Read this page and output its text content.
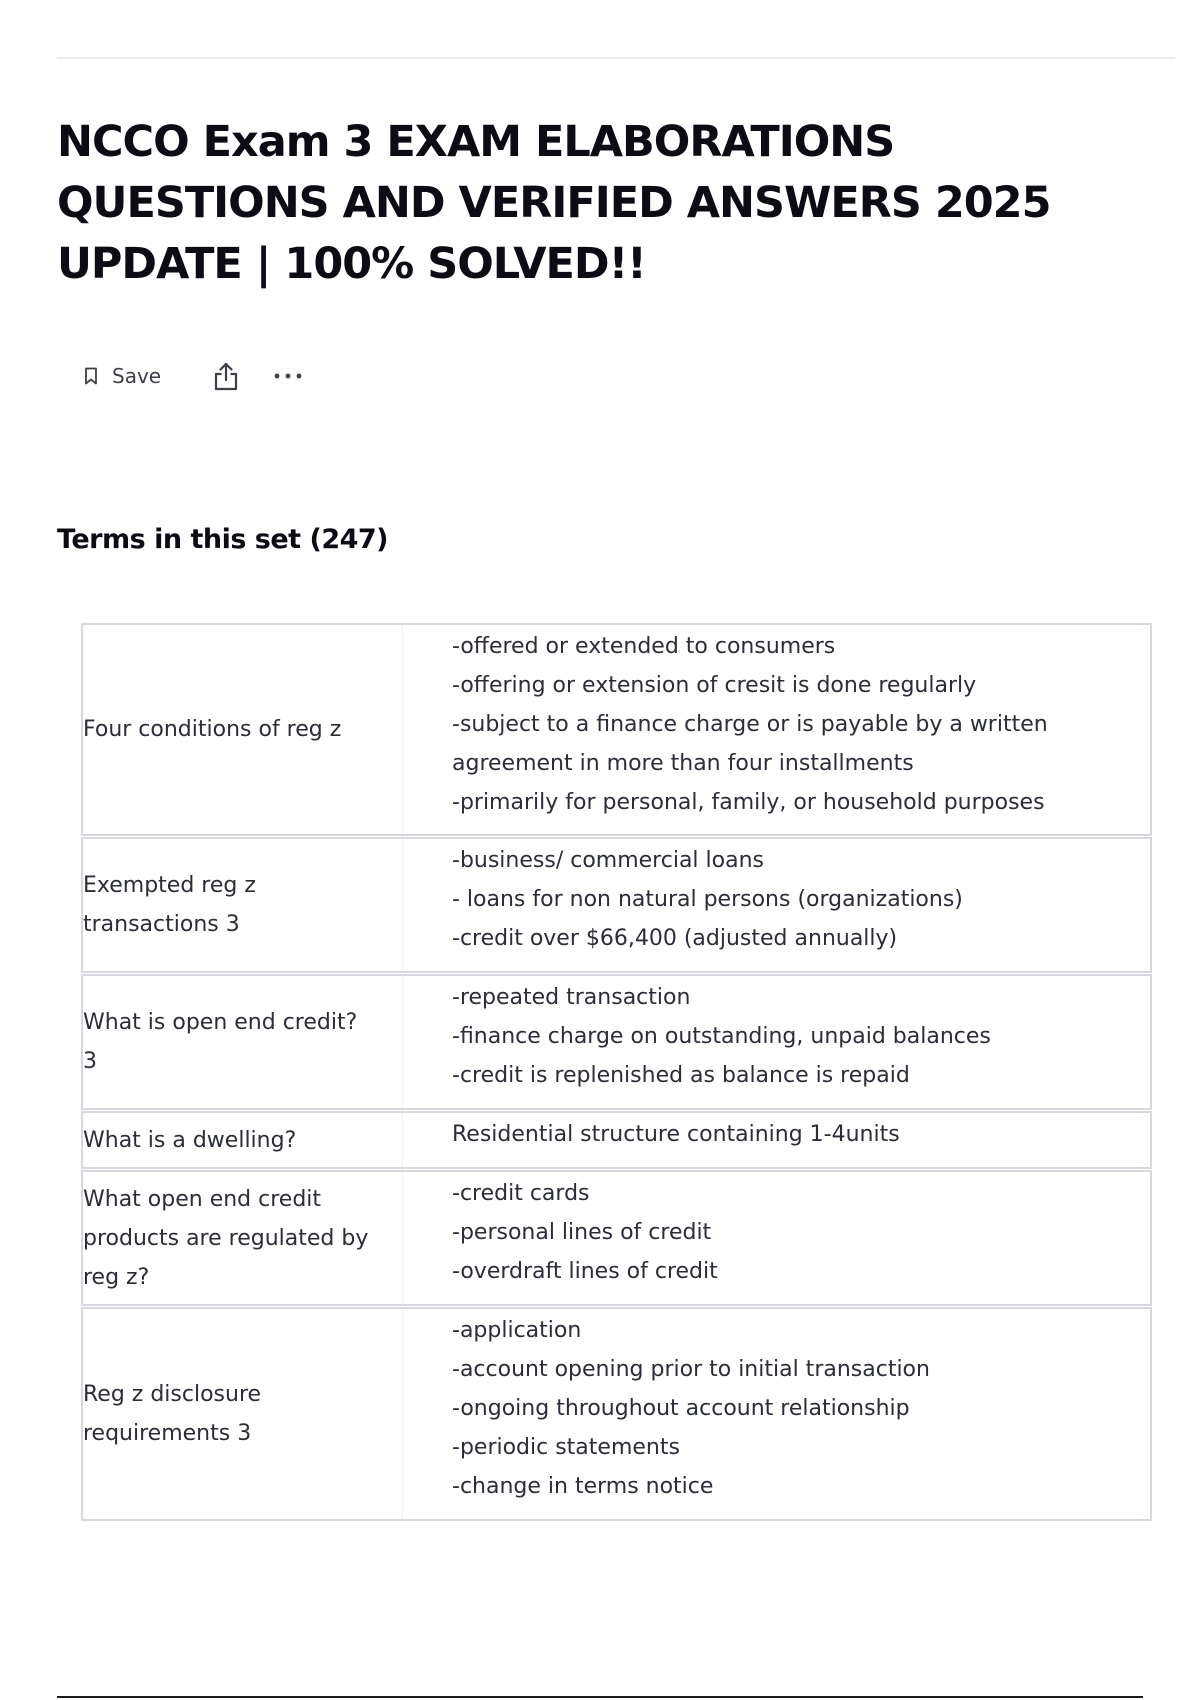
NCCO Exam 3 EXAM ELABORATIONS QUESTIONS AND VERIFIED ANSWERS 2025 UPDATE | 100% SOLVED!!
Save
Terms in this set (247)
Four conditions of reg z
-offered or extended to consumers
-offering or extension of cresit is done regularly
-subject to a finance charge or is payable by a written
agreement in more than four installments
-primarily for personal, family, or household purposes
Exempted reg z transactions 3
-business/ commercial loans
- loans for non natural persons (organizations)
-credit over $66,400 (adjusted annually)
What is open end credit? 3
-repeated transaction
-finance charge on outstanding, unpaid balances
-credit is replenished as balance is repaid
What is a dwelling?	Residential structure containing 1-4units
What open end credit products are regulated by reg z?
-credit cards
-personal lines of credit
-overdraft lines of credit
Reg z disclosure requirements 3
-application
-account opening prior to initial transaction
-ongoing throughout account relationship
-periodic statements
-change in terms notice
